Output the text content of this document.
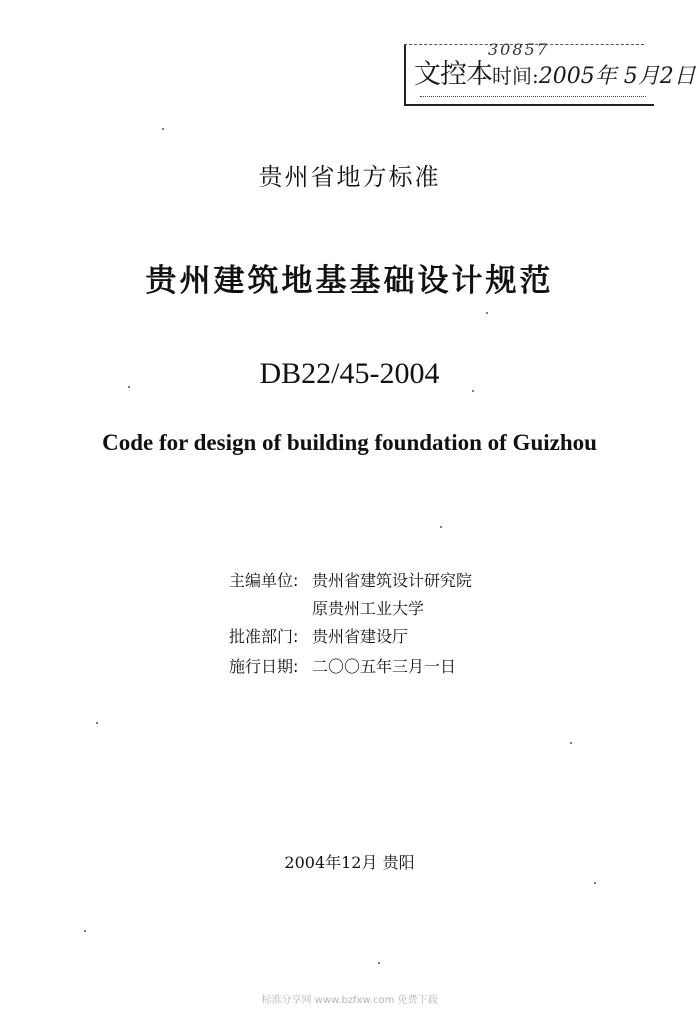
30857
文控本时间:2005年 5月2日
贵州省地方标准
贵州建筑地基基础设计规范
DB22/45-2004
Code for design of building foundation of Guizhou
主编单位: 贵州省建筑设计研究院
原贵州工业大学
批准部门: 贵州省建设厅
施行日期: 二〇〇五年三月一日
2004年12月 贵阳
标准分享网 www.bzfxw.com 免费下载
